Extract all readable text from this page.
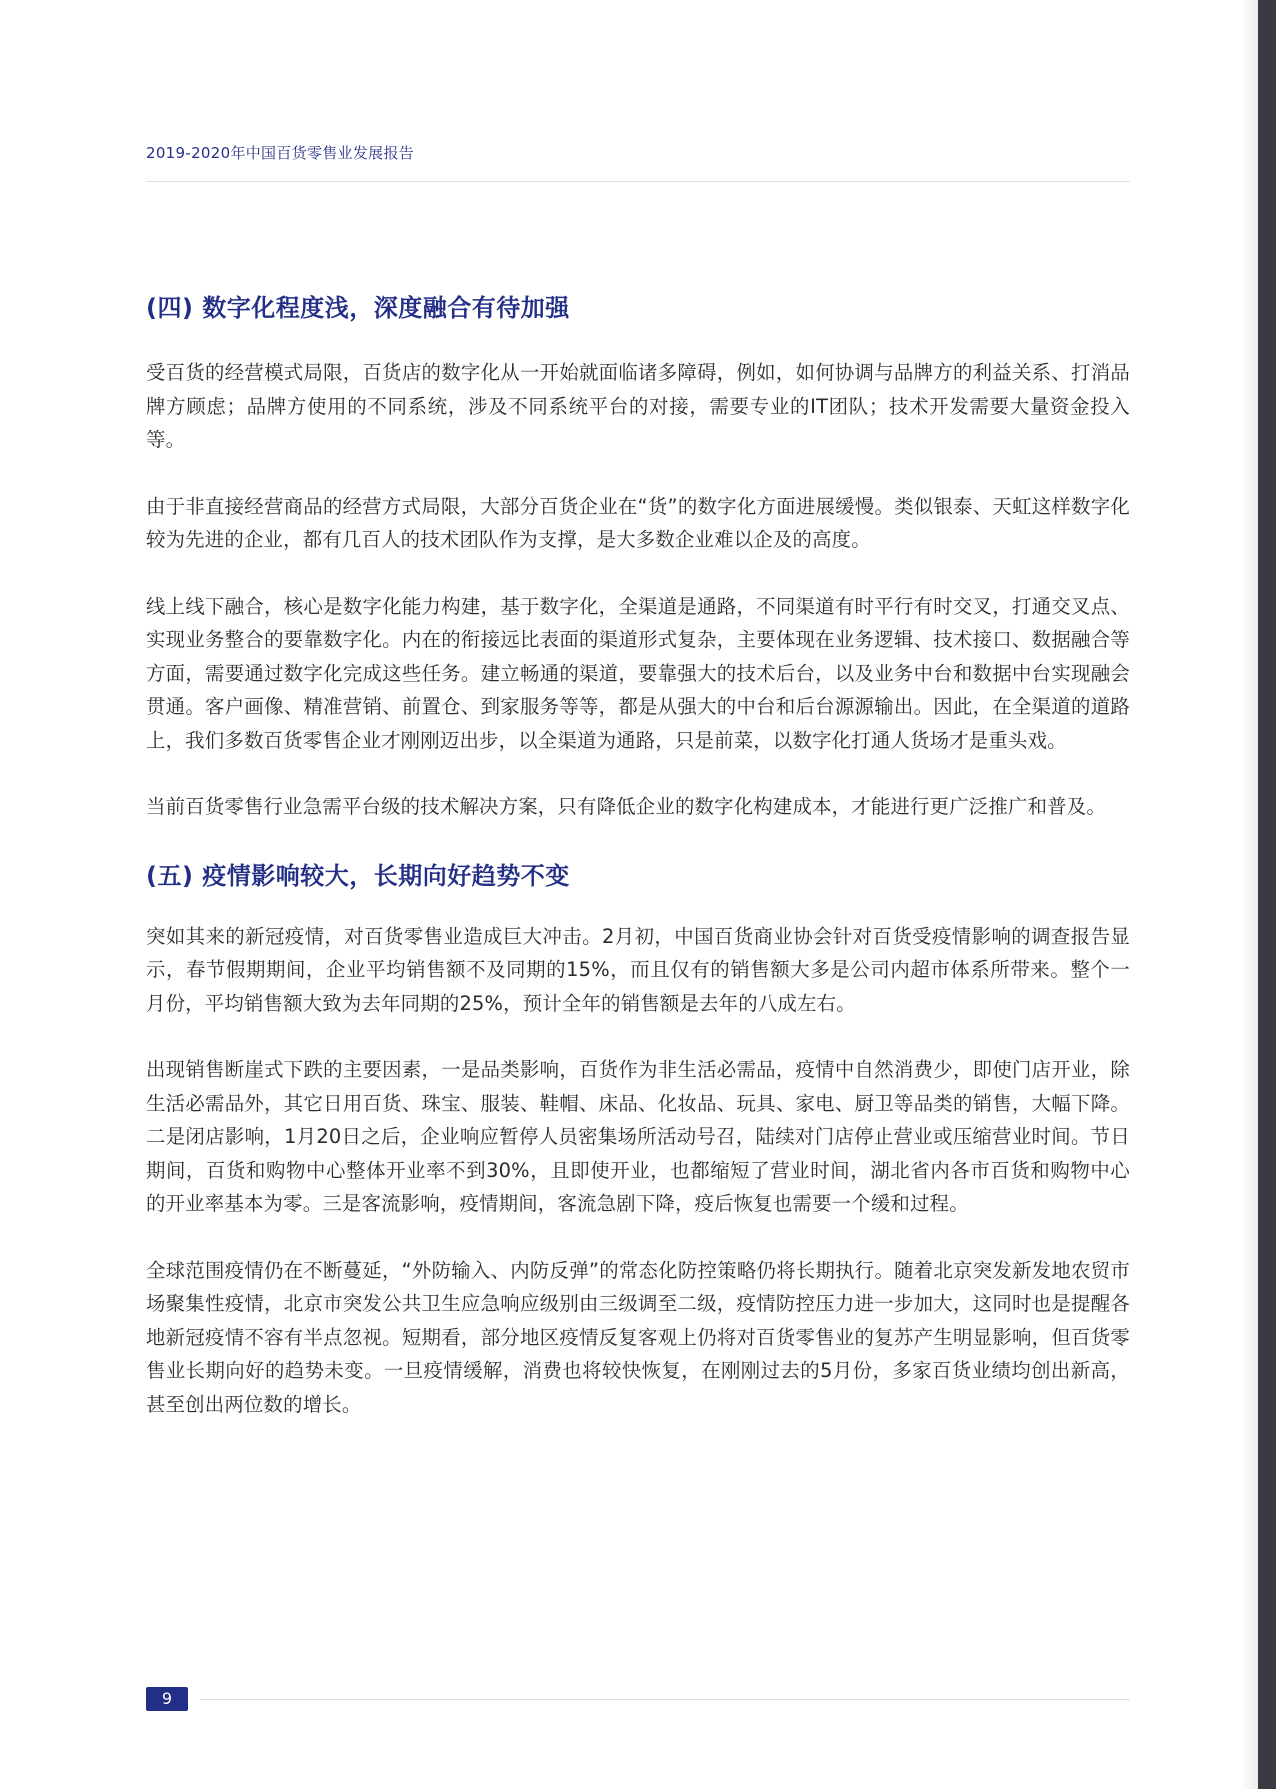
2019-2020年中国百货零售业发展报告
(四) 数字化程度浅，深度融合有待加强

受百货的经营模式局限，百货店的数字化从一开始就面临诸多障碍，例如，如何协调与品牌方的利益关系、打消品牌方顾虑；品牌方使用的不同系统，涉及不同系统平台的对接，需要专业的IT团队；技术开发需要大量资金投入等。

由于非直接经营商品的经营方式局限，大部分百货企业在“货”的数字化方面进展缓慢。类似银泰、天虹这样数字化较为先进的企业，都有几百人的技术团队作为支撑，是大多数企业难以企及的高度。

线上线下融合，核心是数字化能力构建，基于数字化，全渠道是通路，不同渠道有时平行有时交叉，打通交叉点、实现业务整合的要靠数字化。内在的衔接远比表面的渠道形式复杂，主要体现在业务逻辑、技术接口、数据融合等方面，需要通过数字化完成这些任务。建立畅通的渠道，要靠强大的技术后台，以及业务中台和数据中台实现融会贯通。客户画像、精准营销、前置仓、到家服务等等，都是从强大的中台和后台源源输出。因此，在全渠道的道路上，我们多数百货零售企业才刚刚迈出步，以全渠道为通路，只是前菜，以数字化打通人货场才是重头戏。

当前百货零售行业急需平台级的技术解决方案，只有降低企业的数字化构建成本，才能进行更广泛推广和普及。

(五) 疫情影响较大，长期向好趋势不变

突如其来的新冠疫情，对百货零售业造成巨大冲击。2月初，中国百货商业协会针对百货受疫情影响的调查报告显示，春节假期期间，企业平均销售额不及同期的15%，而且仅有的销售额大多是公司内超市体系所带来。整个一月份，平均销售额大致为去年同期的25%，预计全年的销售额是去年的八成左右。

出现销售断崖式下跌的主要因素，一是品类影响，百货作为非生活必需品，疫情中自然消费少，即使门店开业，除生活必需品外，其它日用百货、珠宝、服装、鞋帽、床品、化妆品、玩具、家电、厨卫等品类的销售，大幅下降。二是闭店影响，1月20日之后，企业响应暂停人员密集场所活动号召，陆续对门店停止营业或压缩营业时间。节日期间，百货和购物中心整体开业率不到30%，且即使开业，也都缩短了营业时间，湖北省内各市百货和购物中心的开业率基本为零。三是客流影响，疫情期间，客流急剧下降，疫后恢复也需要一个缓和过程。

全球范围疫情仍在不断蔓延，“外防输入、内防反弹”的常态化防控策略仍将长期执行。随着北京突发新发地农贸市场聚集性疫情，北京市突发公共卫生应急响应级别由三级调至二级，疫情防控压力进一步加大，这同时也是提醒各地新冠疫情不容有半点忽视。短期看，部分地区疫情反复客观上仍将对百货零售业的复苏产生明显影响，但百货零售业长期向好的趋势未变。一旦疫情缓解，消费也将较快恢复，在刚刚过去的5月份，多家百货业绩均创出新高，甚至创出两位数的增长。

9
